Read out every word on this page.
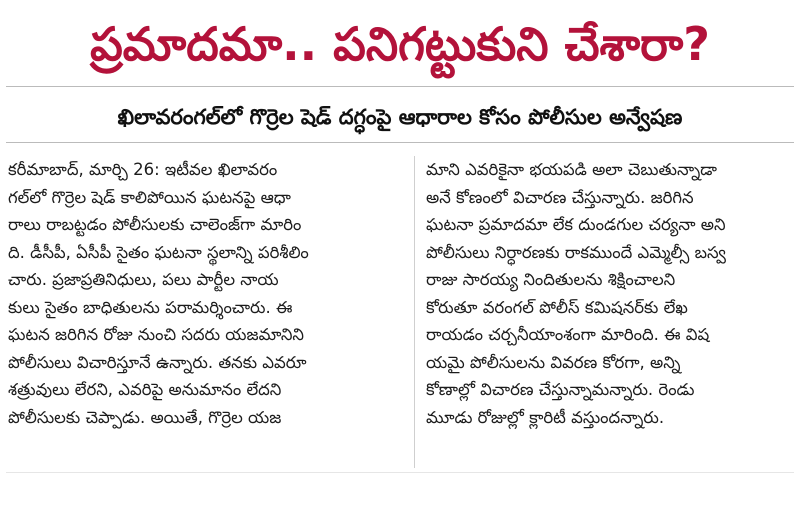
ప్రమాదమా.. పనిగట్టుకుని చేశారా?
ఖిలావరంగల్‌లో గొర్రెల షెడ్ దగ్ధంపై ఆధారాల కోసం పోలీసుల అన్వేషణ
కరీమాబాద్, మార్చి 26: ఇటీవల ఖిలావరం
గల్‌లో గొర్రెల షెడ్ కాలిపోయిన ఘటనపై ఆధా
రాలు రాబట్టడం పోలీసులకు చాలెంజ్‌గా మారిం
ది. డీసీపీ, ఏసీపీ సైతం ఘటనా స్థలాన్ని పరిశీలిం
చారు. ప్రజాప్రతినిధులు, పలు పార్టీల నాయ
కులు సైతం బాధితులను పరామర్శించారు. ఈ
ఘటన జరిగిన రోజు నుంచి సదరు యజమానిని
పోలీసులు విచారిస్తూనే ఉన్నారు. తనకు ఎవరూ
శత్రువులు లేరని, ఎవరిపై అనుమానం లేదని
పోలీసులకు చెప్పాడు. అయితే, గొర్రెల యజ
మాని ఎవరికైనా భయపడి అలా చెబుతున్నాడా
అనే కోణంలో విచారణ చేస్తున్నారు. జరిగిన
ఘటనా ప్రమాదమా లేక దుండగుల చర్యనా అని
పోలీసులు నిర్ధారణకు రాకముందే ఎమ్మెల్సీ బస్వ
రాజు సారయ్య నిందితులను శిక్షించాలని
కోరుతూ వరంగల్ పోలీస్ కమిషనర్‌కు లేఖ
రాయడం చర్చనీయాంశంగా మారింది. ఈ విష
యమై పోలీసులను వివరణ కోరగా, అన్ని
కోణాల్లో విచారణ చేస్తున్నామన్నారు. రెండు
మూడు రోజుల్లో క్లారిటీ వస్తుందన్నారు.
